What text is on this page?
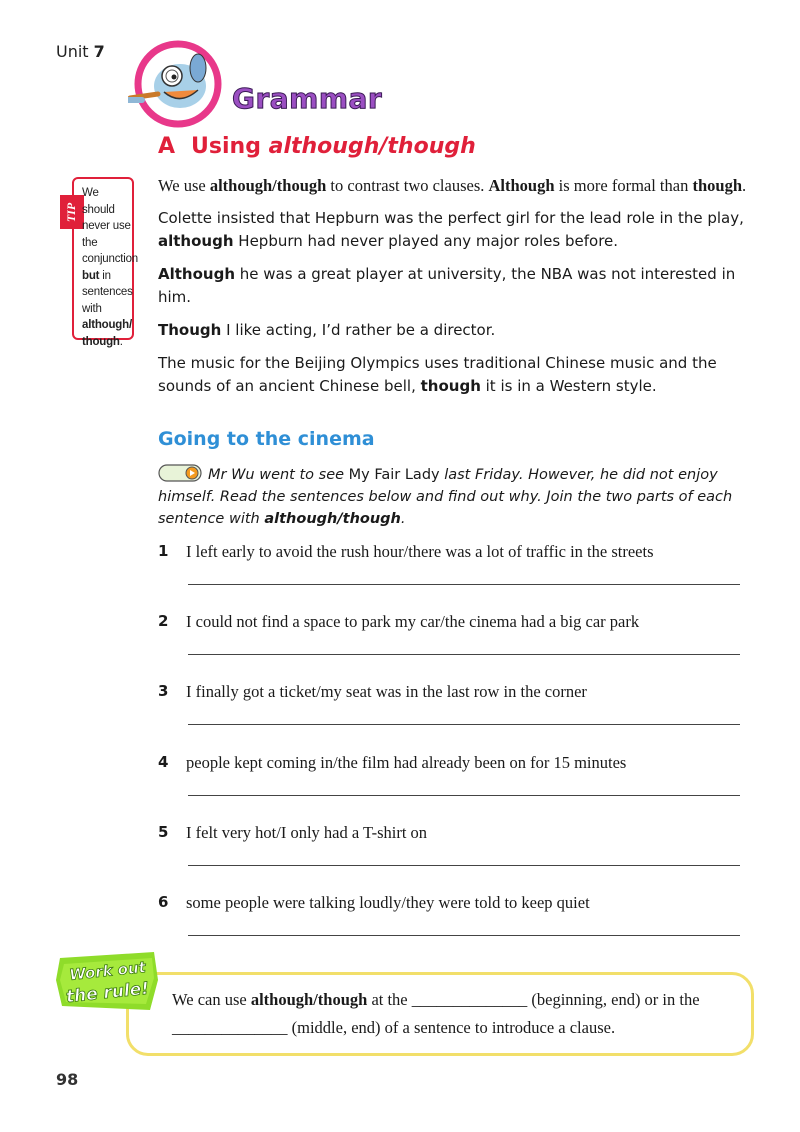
Unit 7
Grammar
A Using although/though
TIP
We should never use the conjunction but in sentences with although/ though.

We use although/though to contrast two clauses. Although is more formal than though.

Colette insisted that Hepburn was the perfect girl for the lead role in the play, although Hepburn had never played any major roles before.

Although he was a great player at university, the NBA was not interested in him.

Though I like acting, I’d rather be a director.

The music for the Beijing Olympics uses traditional Chinese music and the sounds of an ancient Chinese bell, though it is in a Western style.

Going to the cinema
Mr Wu went to see My Fair Lady last Friday. However, he did not enjoy himself. Read the sentences below and find out why. Join the two parts of each sentence with although/though.
1 I left early to avoid the rush hour/there was a lot of traffic in the streets
2 I could not find a space to park my car/the cinema had a big car park
3 I finally got a ticket/my seat was in the last row in the corner
4 people kept coming in/the film had already been on for 15 minutes
5 I felt very hot/I only had a T-shirt on
6 some people were talking loudly/they were told to keep quiet
We can use although/though at the ______________ (beginning, end) or in the ______________ (middle, end) of a sentence to introduce a clause.
Work out
the rule!
98
